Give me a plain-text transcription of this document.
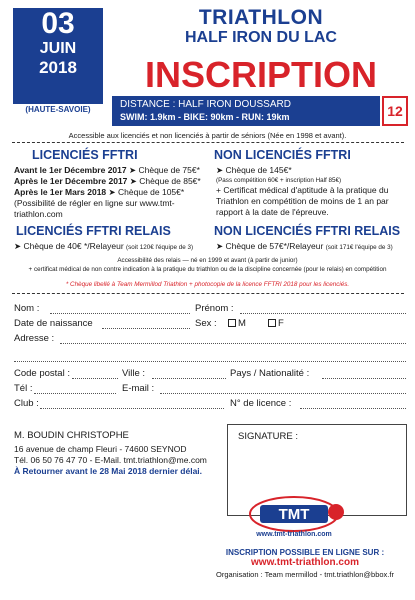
03
JUIN
2018
(HAUTE-SAVOIE)
TRIATHLON
HALF IRON DU LAC
INSCRIPTION
DISTANCE : HALF IRON DOUSSARD
SWIM: 1.9km - BIKE: 90km - RUN: 19km	12
Accessible aux licenciés et non licenciés à partir de séniors (Née en 1998 et avant).
LICENCIÉS FFTRI
Avant le 1er Décembre 2017 ➤ Chèque de 75€*
Après le 1er Décembre 2017 ➤ Chèque de 85€*
Après le 1er Mars 2018 ➤ Chèque de 105€*
(Possibilité de régler en ligne sur www.tmt-triathlon.com
NON LICENCIÉS FFTRI
➤ Chèque de 145€*
(Pass compétition 60€ + inscription Half 85€)
+ Certificat médical d'aptitude à la pratique du Triathlon en compétition de moins de 1 an par rapport à la date de l'épreuve.
LICENCIÉS FFTRI RELAIS
➤ Chèque de 40€ */Relayeur (soit 120€ l'équipe de 3)
NON LICENCIÉS FFTRI RELAIS
➤ Chèque de 57€*/Relayeur (soit 171€ l'équipe de 3)
Accessibilité des relais — né en 1999 et avant (à partir de junior)
+ certificat médical de non contre indication à la pratique du triathlon ou de la discipline concernée (pour le relais) en compétition
* Chèque libellé à Team Mermillod Triathlon + photocopie de la licence FFTRI 2018 pour les licenciés.
Nom :	Prénom :
Date de naissance	Sex :	M	F
Adresse :
Code postal :	Ville :	Pays / Nationalité :
Tél :	E-mail :
Club :	N° de licence :
M. BOUDIN CHRISTOPHE
16 avenue de champ Fleuri - 74600 SEYNOD
Tél. 06 50 76 47 70 - E-Mail. tmt.triathlon@me.com
À Retourner avant le 28 Mai 2018 dernier délai.
SIGNATURE :
TMT
www.tmt-triathlon.com
INSCRIPTION POSSIBLE EN LIGNE SUR :
www.tmt-triathlon.com
Organisation : Team mermillod - tmt.triathlon@bbox.fr
